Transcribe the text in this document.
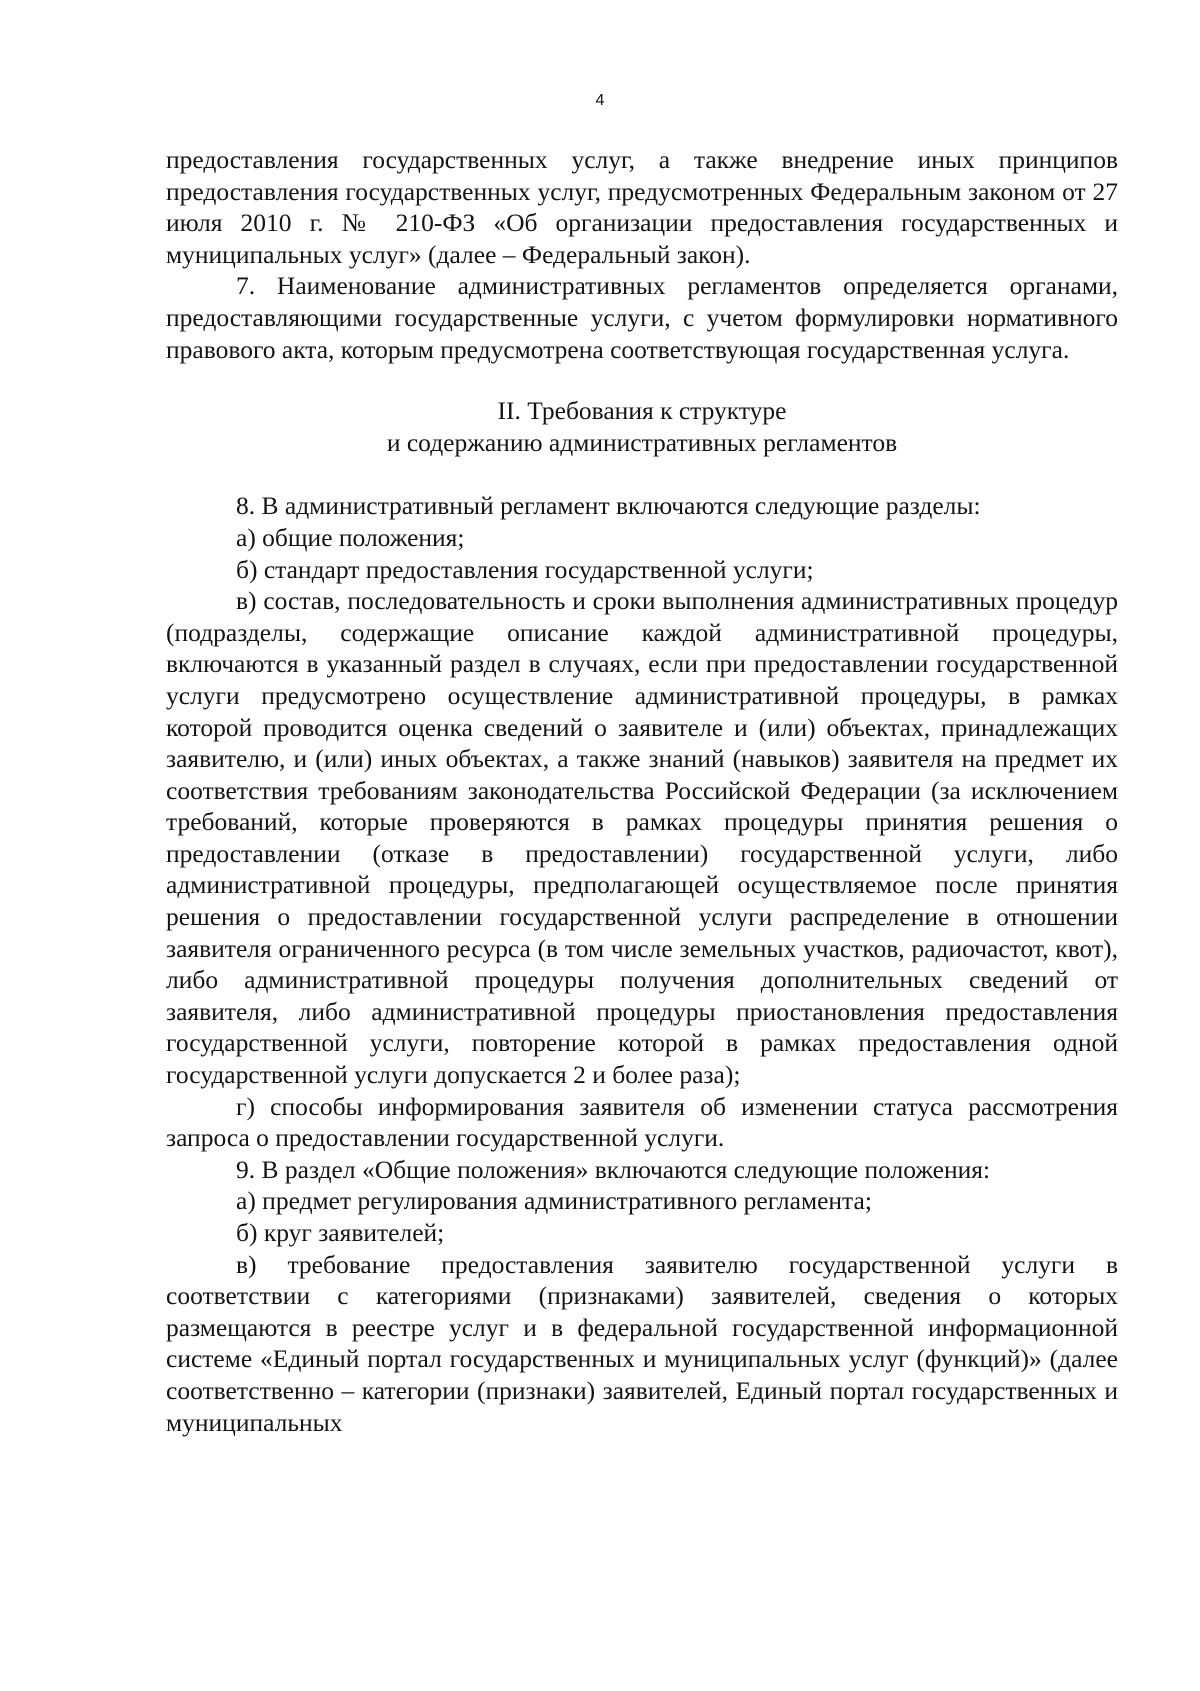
4

предоставления государственных услуг, а также внедрение иных принципов предоставления государственных услуг, предусмотренных Федеральным законом от 27 июля 2010 г. № 210-ФЗ «Об организации предоставления государственных и муниципальных услуг» (далее – Федеральный закон).

7. Наименование административных регламентов определяется органами, предоставляющими государственные услуги, с учетом формулировки нормативного правового акта, которым предусмотрена соответствующая государственная услуга.

II. Требования к структуре
и содержанию административных регламентов

8. В административный регламент включаются следующие разделы:

а) общие положения;

б) стандарт предоставления государственной услуги;

в) состав, последовательность и сроки выполнения административных процедур (подразделы, содержащие описание каждой административной процедуры, включаются в указанный раздел в случаях, если при предоставлении государственной услуги предусмотрено осуществление административной процедуры, в рамках которой проводится оценка сведений о заявителе и (или) объектах, принадлежащих заявителю, и (или) иных объектах, а также знаний (навыков) заявителя на предмет их соответствия требованиям законодательства Российской Федерации (за исключением требований, которые проверяются в рамках процедуры принятия решения о предоставлении (отказе в предоставлении) государственной услуги, либо административной процедуры, предполагающей осуществляемое после принятия решения о предоставлении государственной услуги распределение в отношении заявителя ограниченного ресурса (в том числе земельных участков, радиочастот, квот), либо административной процедуры получения дополнительных сведений от заявителя, либо административной процедуры приостановления предоставления государственной услуги, повторение которой в рамках предоставления одной государственной услуги допускается 2 и более раза);

г) способы информирования заявителя об изменении статуса рассмотрения запроса о предоставлении государственной услуги.

9. В раздел «Общие положения» включаются следующие положения:

а) предмет регулирования административного регламента;

б) круг заявителей;

в) требование предоставления заявителю государственной услуги в соответствии с категориями (признаками) заявителей, сведения о которых размещаются в реестре услуг и в федеральной государственной информационной системе «Единый портал государственных и муниципальных услуг (функций)» (далее соответственно – категории (признаки) заявителей, Единый портал государственных и муниципальных
